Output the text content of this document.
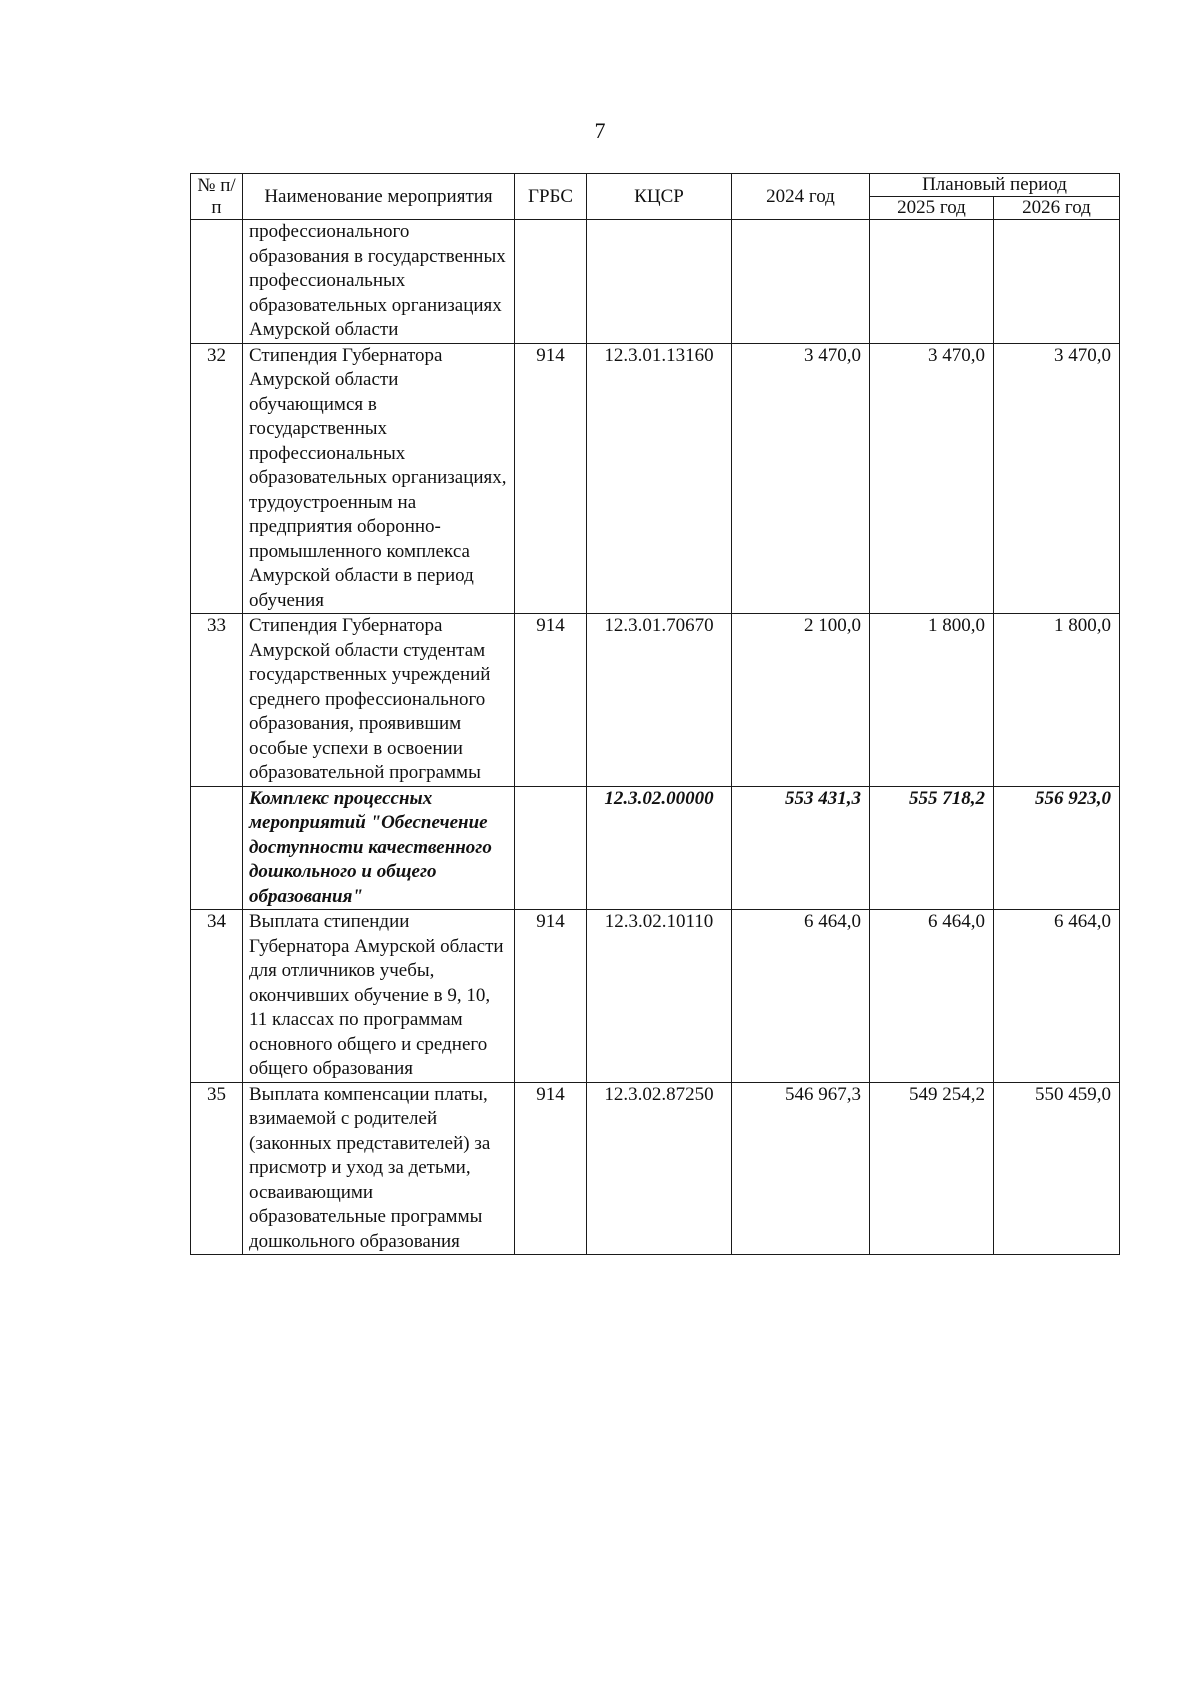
7
№ п/п	Наименование мероприятия	ГРБС	КЦСР	2024 год	Плановый период	
					2025 год	2026 год
	профессионального образования в государственных профессиональных образовательных организациях Амурской области					
32	Стипендия Губернатора Амурской области обучающимся в государственных профессиональных образовательных организациях, трудоустроенным на предприятия оборонно-промышленного комплекса Амурской области в период обучения	914	12.3.01.13160	3 470,0	3 470,0	3 470,0
33	Стипендия Губернатора Амурской области студентам государственных учреждений среднего профессионального образования, проявившим особые успехи в освоении образовательной программы	914	12.3.01.70670	2 100,0	1 800,0	1 800,0
	Комплекс процессных мероприятий "Обеспечение доступности качественного дошкольного и общего образования"		12.3.02.00000	553 431,3	555 718,2	556 923,0
34	Выплата стипендии Губернатора Амурской области для отличников учебы, окончивших обучение в 9, 10, 11 классах по программам основного общего и среднего общего образования	914	12.3.02.10110	6 464,0	6 464,0	6 464,0
35	Выплата компенсации платы, взимаемой с родителей (законных представителей) за присмотр и уход за детьми, осваивающими образовательные программы дошкольного образования	914	12.3.02.87250	546 967,3	549 254,2	550 459,0
